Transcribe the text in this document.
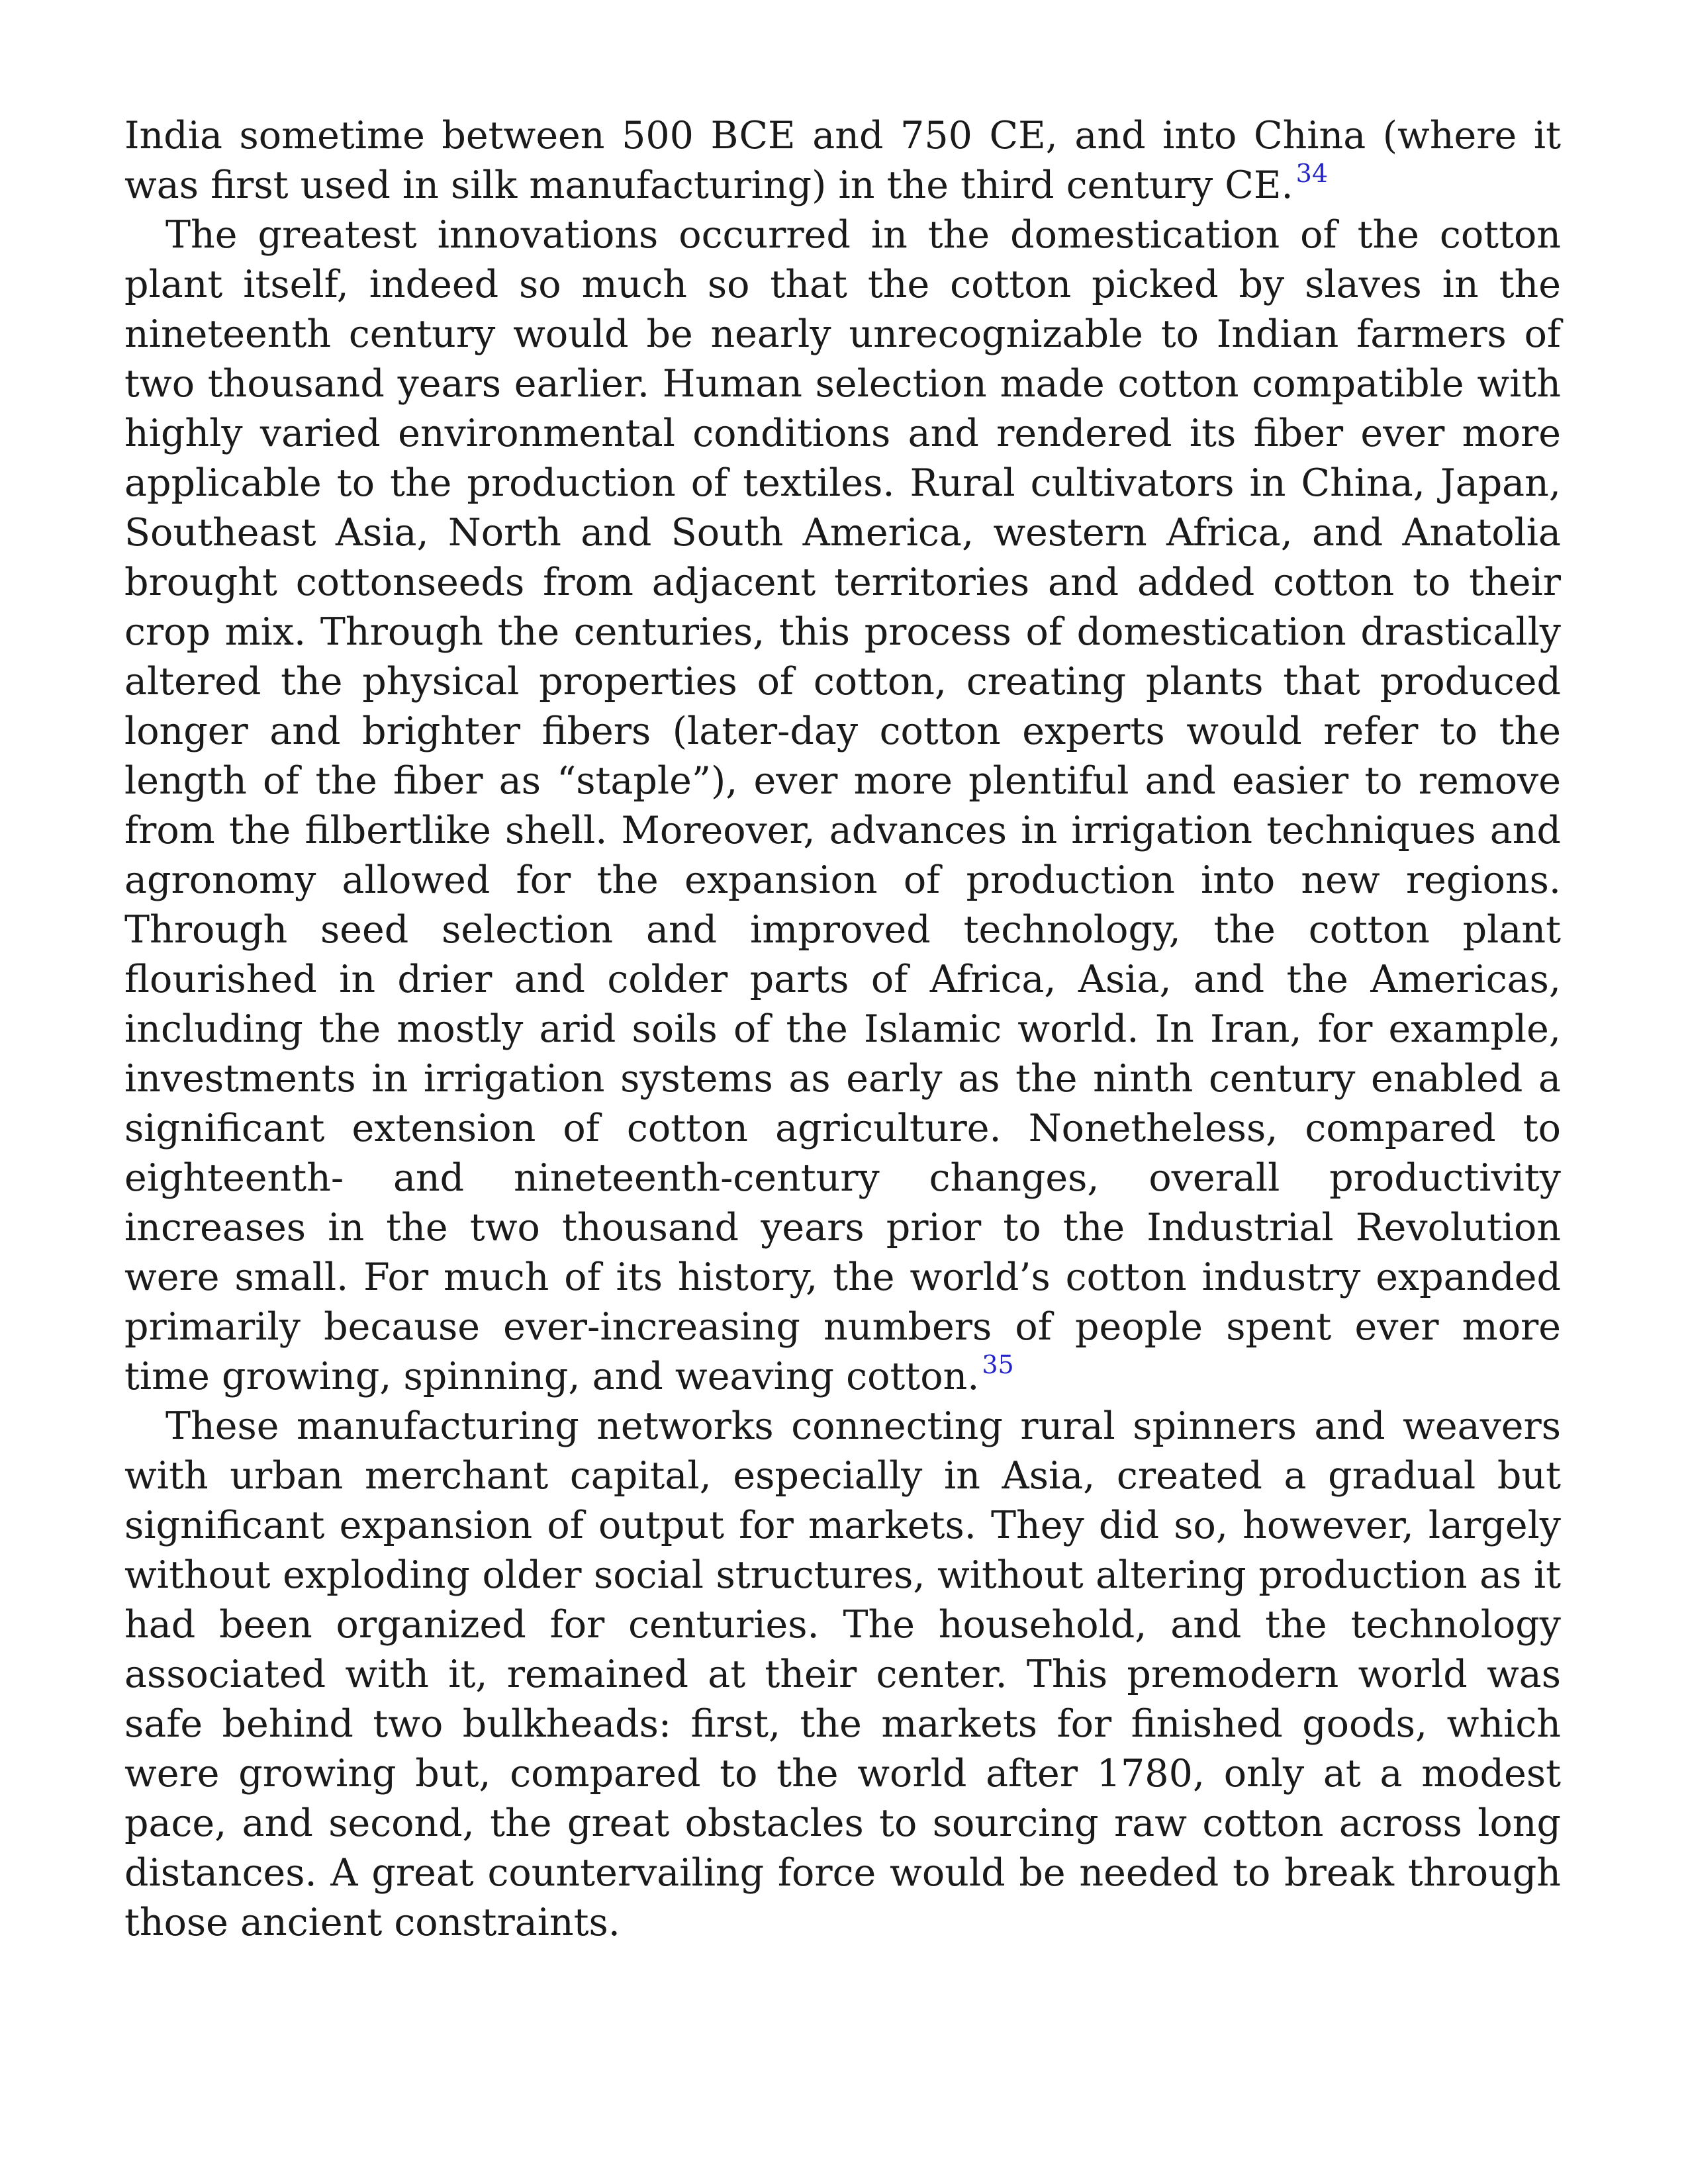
India sometime between 500 BCE and 750 CE, and into China (where it was first used in silk manufacturing) in the third century CE. $^{34}$

The greatest innovations occurred in the domestication of the cotton plant itself, indeed so much so that the cotton picked by slaves in the nineteenth century would be nearly unrecognizable to Indian farmers of two thousand years earlier. Human selection made cotton compatible with highly varied environmental conditions and rendered its fiber ever more applicable to the production of textiles. Rural cultivators in China, Japan, Southeast Asia, North and South America, western Africa, and Anatolia brought cottonseeds from adjacent territories and added cotton to their crop mix. Through the centuries, this process of domestication drastically altered the physical properties of cotton, creating plants that produced longer and brighter fibers (later-day cotton experts would refer to the length of the fiber as “staple”), ever more plentiful and easier to remove from the filbertlike shell. Moreover, advances in irrigation techniques and agronomy allowed for the expansion of production into new regions. Through seed selection and improved technology, the cotton plant flourished in drier and colder parts of Africa, Asia, and the Americas, including the mostly arid soils of the Islamic world. In Iran, for example, investments in irrigation systems as early as the ninth century enabled a significant extension of cotton agriculture. Nonetheless, compared to eighteenth- and nineteenth-century changes, overall productivity increases in the two thousand years prior to the Industrial Revolution were small. For much of its history, the world’s cotton industry expanded primarily because ever-increasing numbers of people spent ever more time growing, spinning, and weaving cotton. $^{35}$

These manufacturing networks connecting rural spinners and weavers with urban merchant capital, especially in Asia, created a gradual but significant expansion of output for markets. They did so, however, largely without exploding older social structures, without altering production as it had been organized for centuries. The household, and the technology associated with it, remained at their center. This premodern world was safe behind two bulkheads: first, the markets for finished goods, which were growing but, compared to the world after 1780, only at a modest pace, and second, the great obstacles to sourcing raw cotton across long distances. A great countervailing force would be needed to break through those ancient constraints.
